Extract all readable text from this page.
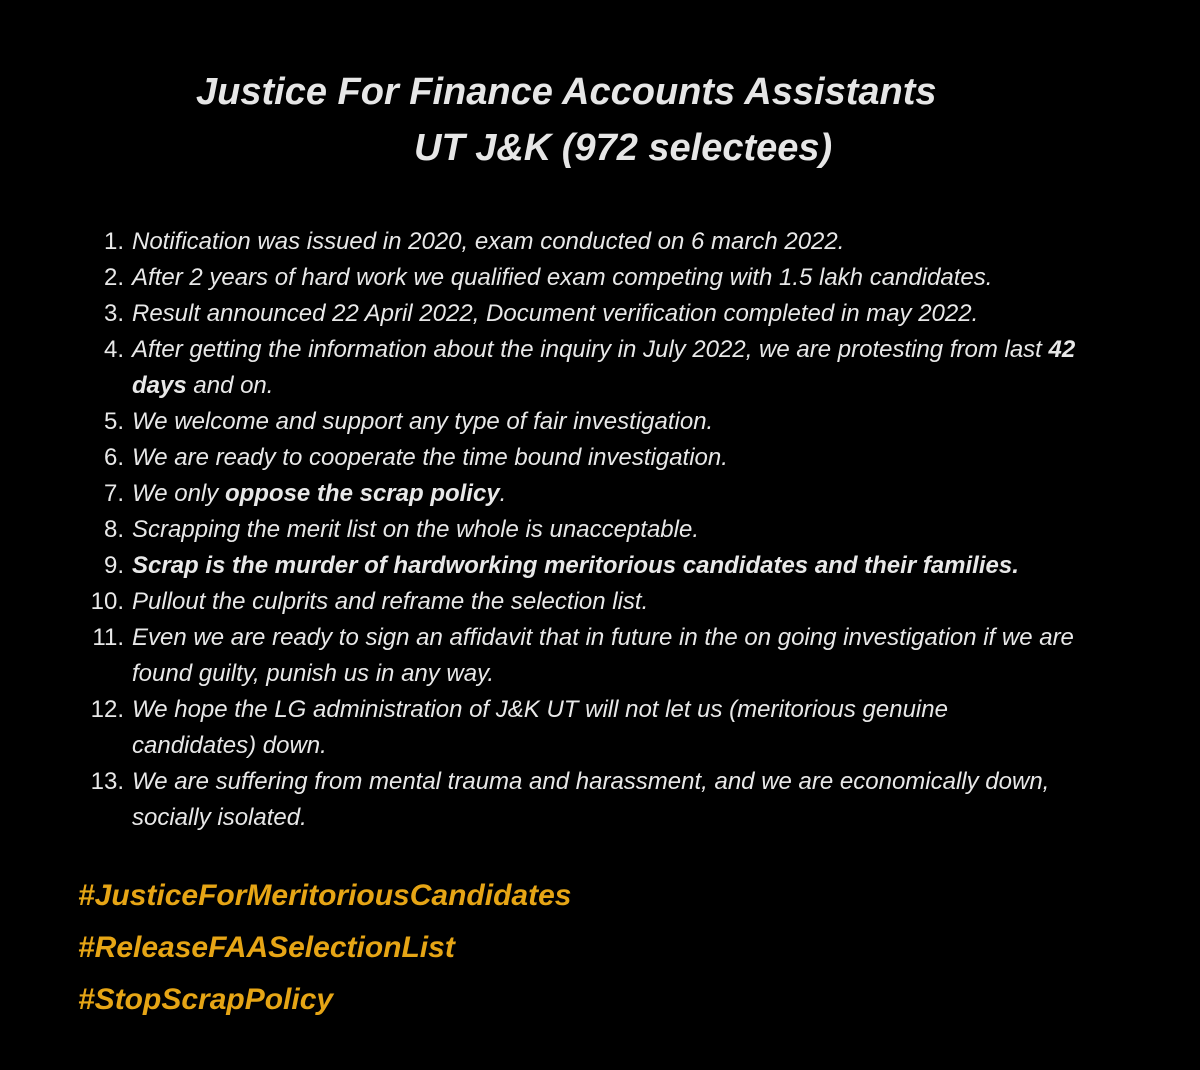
Justice For Finance Accounts Assistants
UT J&K (972 selectees)
1. Notification was issued in 2020, exam conducted on 6 march 2022.
2. After 2 years of hard work we qualified exam competing with 1.5 lakh candidates.
3. Result announced 22 April 2022, Document verification completed in may 2022.
4. After getting the information about the inquiry in July 2022, we are protesting from last 42 days and on.
5. We welcome and support any type of fair investigation.
6. We are ready to cooperate the time bound investigation.
7. We only oppose the scrap policy.
8. Scrapping the merit list on the whole is unacceptable.
9. Scrap is the murder of hardworking meritorious candidates and their families.
10. Pullout the culprits and reframe the selection list.
11. Even we are ready to sign an affidavit that in future in the on going investigation if we are found guilty, punish us in any way.
12. We hope the LG administration of J&K UT will not let us (meritorious genuine candidates) down.
13. We are suffering from mental trauma and harassment, and we are economically down, socially isolated.
#JusticeForMeritoriousCandidates
#ReleaseFAASelectionList
#StopScrapPolicy
